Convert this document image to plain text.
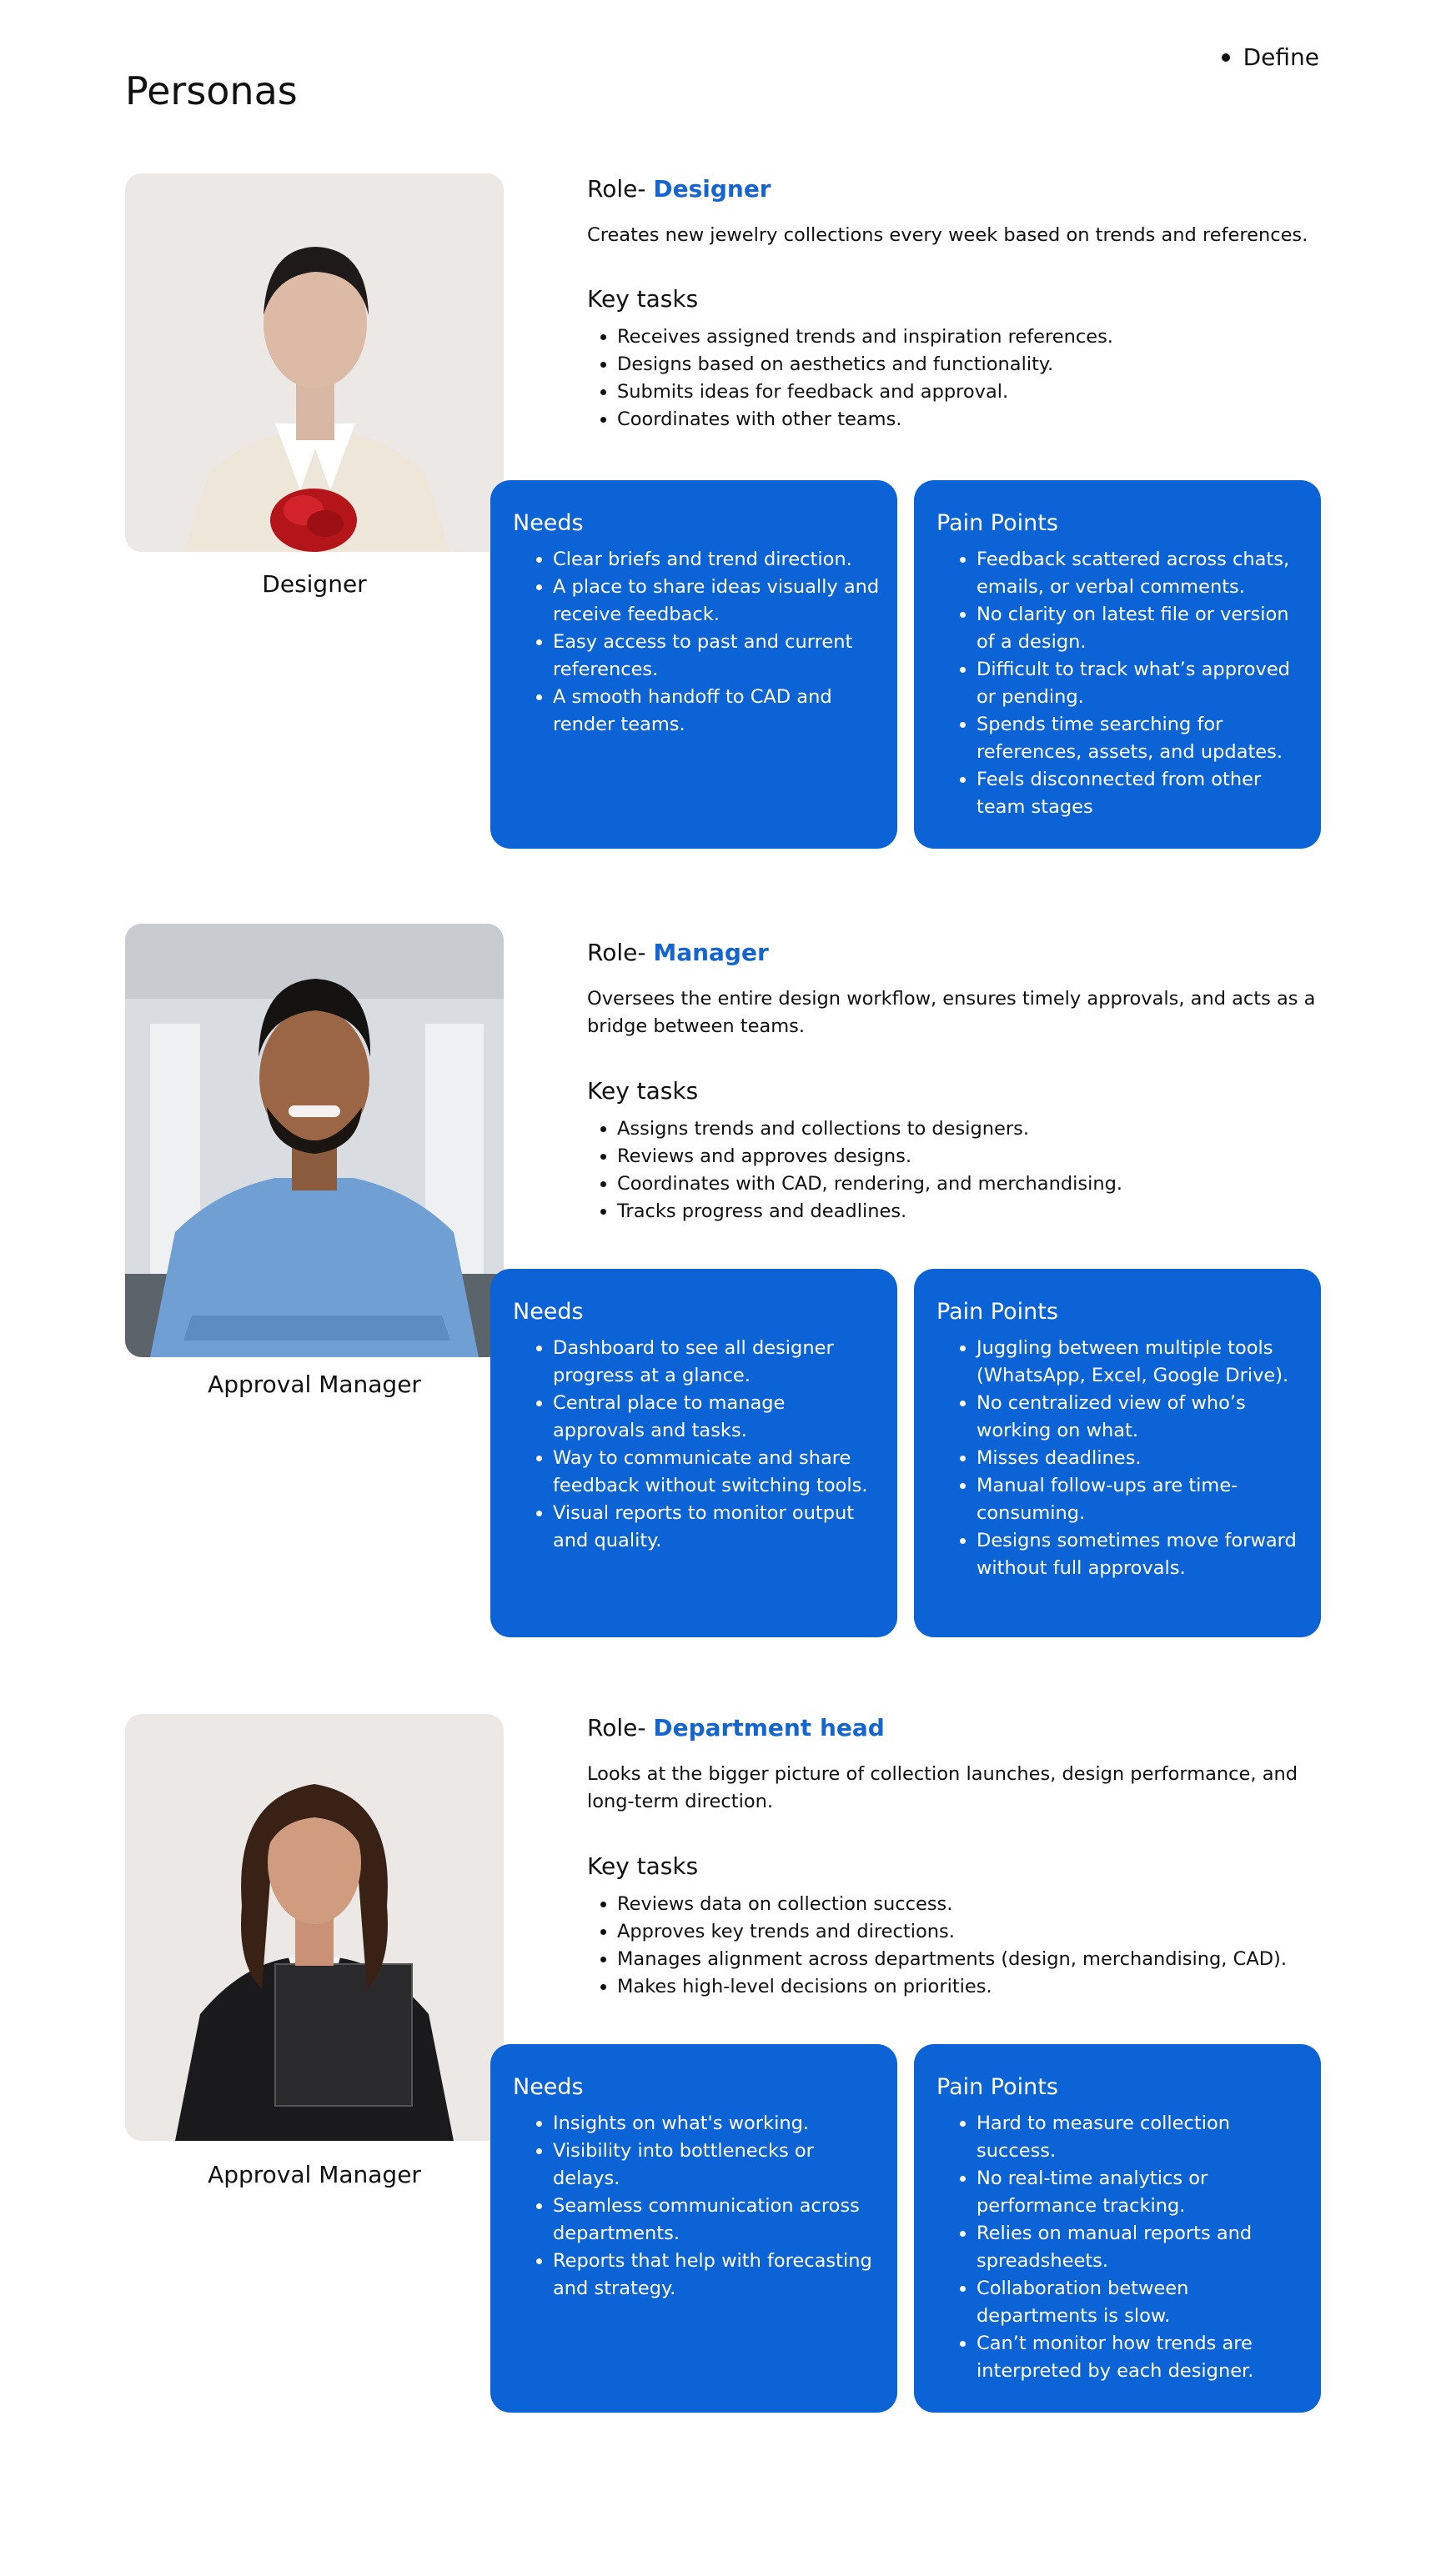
Define
Personas
Designer
Role- Designer
Creates new jewelry collections every week based on trends and references.
Key tasks
• Receives assigned trends and inspiration references.
• Designs based on aesthetics and functionality.
• Submits ideas for feedback and approval.
• Coordinates with other teams.
Needs
• Clear briefs and trend direction.
• A place to share ideas visually and receive feedback.
• Easy access to past and current references.
• A smooth handoff to CAD and render teams.
Pain Points
• Feedback scattered across chats, emails, or verbal comments.
• No clarity on latest file or version of a design.
• Difficult to track what’s approved or pending.
• Spends time searching for references, assets, and updates.
• Feels disconnected from other team stages
Approval Manager
Role- Manager
Oversees the entire design workflow, ensures timely approvals, and acts as a bridge between teams.
Key tasks
• Assigns trends and collections to designers.
• Reviews and approves designs.
• Coordinates with CAD, rendering, and merchandising.
• Tracks progress and deadlines.
Needs
• Dashboard to see all designer progress at a glance.
• Central place to manage approvals and tasks.
• Way to communicate and share feedback without switching tools.
• Visual reports to monitor output and quality.
Pain Points
• Juggling between multiple tools (WhatsApp, Excel, Google Drive).
• No centralized view of who’s working on what.
• Misses deadlines.
• Manual follow-ups are time-consuming.
• Designs sometimes move forward without full approvals.
Approval Manager
Role- Department head
Looks at the bigger picture of collection launches, design performance, and long-term direction.
Key tasks
• Reviews data on collection success.
• Approves key trends and directions.
• Manages alignment across departments (design, merchandising, CAD).
• Makes high-level decisions on priorities.
Needs
• Insights on what's working.
• Visibility into bottlenecks or delays.
• Seamless communication across departments.
• Reports that help with forecasting and strategy.
Pain Points
• Hard to measure collection success.
• No real-time analytics or performance tracking.
• Relies on manual reports and spreadsheets.
• Collaboration between departments is slow.
• Can’t monitor how trends are interpreted by each designer.
